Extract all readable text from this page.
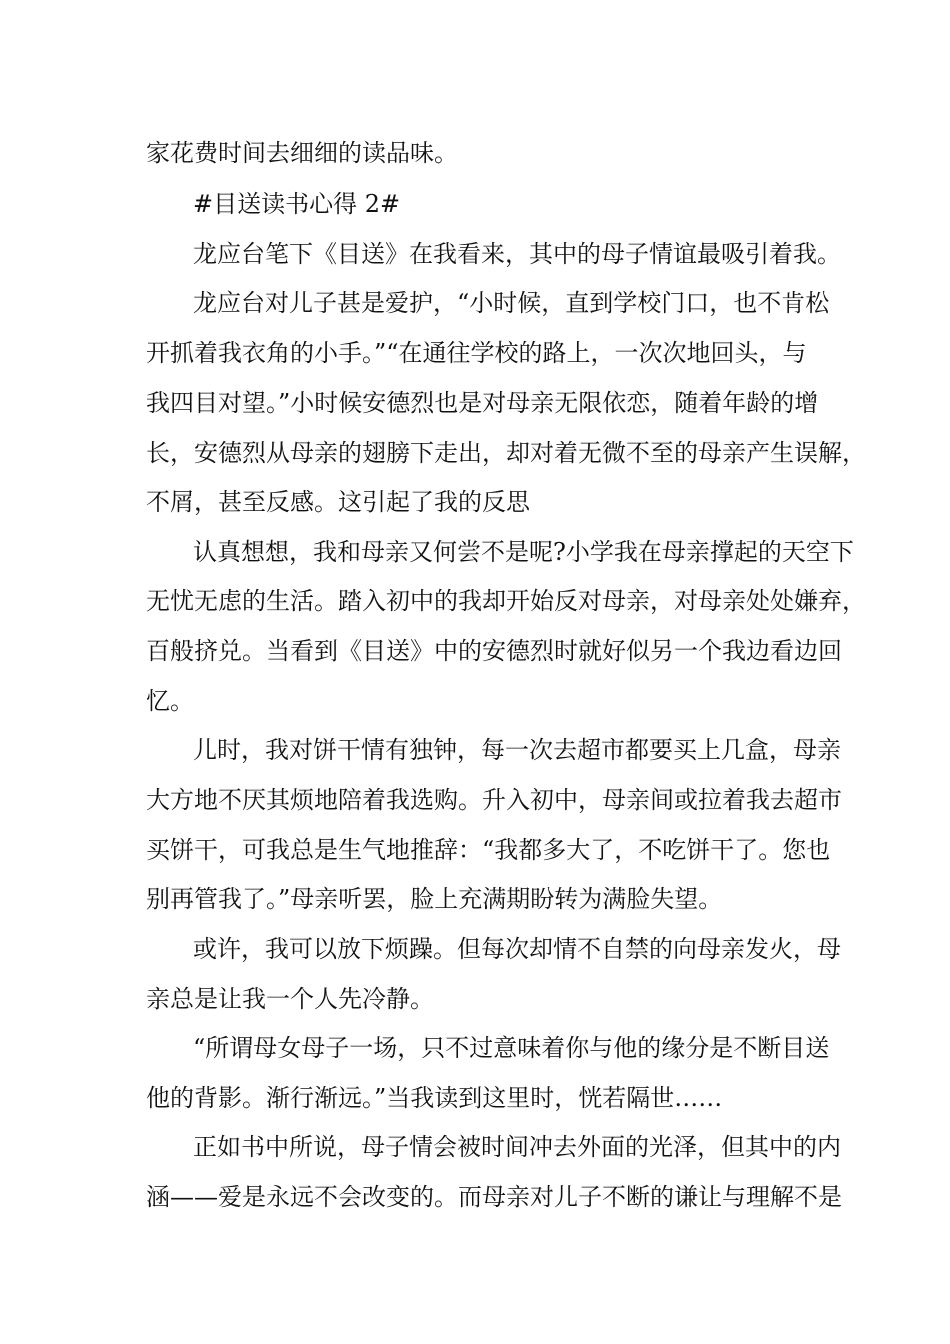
家花费时间去细细的读品味。
#目送读书心得 2#
龙应台笔下《目送》在我看来，其中的母子情谊最吸引着我。
龙应台对儿子甚是爱护，“小时候，直到学校门口，也不肯松
开抓着我衣角的小手。”“在通往学校的路上，一次次地回头，与
我四目对望。”小时候安德烈也是对母亲无限依恋，随着年龄的增
长，安德烈从母亲的翅膀下走出，却对着无微不至的母亲产生误解，
不屑，甚至反感。这引起了我的反思
认真想想，我和母亲又何尝不是呢?小学我在母亲撑起的天空下
无忧无虑的生活。踏入初中的我却开始反对母亲，对母亲处处嫌弃，
百般挤兑。当看到《目送》中的安德烈时就好似另一个我边看边回
忆。
儿时，我对饼干情有独钟，每一次去超市都要买上几盒，母亲
大方地不厌其烦地陪着我选购。升入初中，母亲间或拉着我去超市
买饼干，可我总是生气地推辞：“我都多大了，不吃饼干了。您也
别再管我了。”母亲听罢，脸上充满期盼转为满脸失望。
或许，我可以放下烦躁。但每次却情不自禁的向母亲发火，母
亲总是让我一个人先冷静。
“所谓母女母子一场，只不过意味着你与他的缘分是不断目送
他的背影。渐行渐远。”当我读到这里时，恍若隔世……
正如书中所说，母子情会被时间冲去外面的光泽，但其中的内
涵——爱是永远不会改变的。而母亲对儿子不断的谦让与理解不是
